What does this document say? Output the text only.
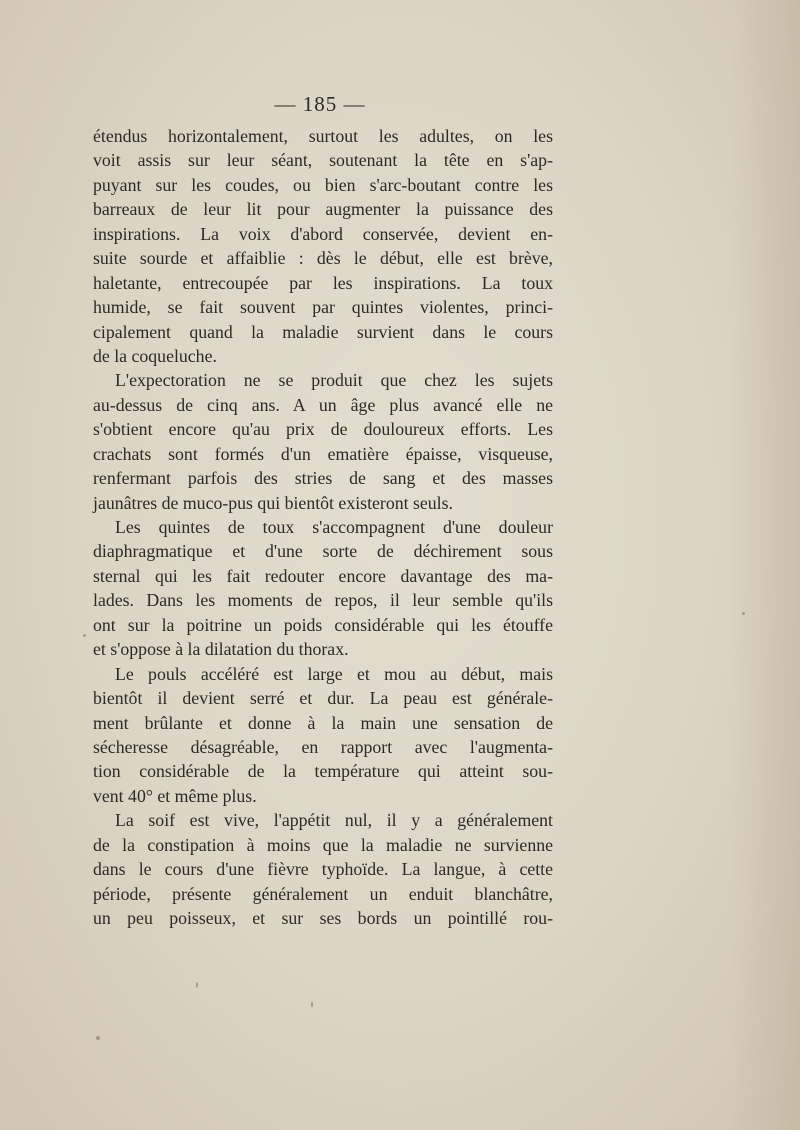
— 185 —
étendus horizontalement, surtout les adultes, on les
voit assis sur leur séant, soutenant la tête en s'ap-
puyant sur les coudes, ou bien s'arc-boutant contre les
barreaux de leur lit pour augmenter la puissance des
inspirations. La voix d'abord conservée, devient en-
suite sourde et affaiblie : dès le début, elle est brève,
haletante, entrecoupée par les inspirations. La toux
humide, se fait souvent par quintes violentes, princi-
cipalement quand la maladie survient dans le cours
de la coqueluche.
L'expectoration ne se produit que chez les sujets
au-dessus de cinq ans. A un âge plus avancé elle ne
s'obtient encore qu'au prix de douloureux efforts. Les
crachats sont formés d'un ematière épaisse, visqueuse,
renfermant parfois des stries de sang et des masses
jaunâtres de muco-pus qui bientôt existeront seuls.
Les quintes de toux s'accompagnent d'une douleur
diaphragmatique et d'une sorte de déchirement sous
sternal qui les fait redouter encore davantage des ma-
lades. Dans les moments de repos, il leur semble qu'ils
ont sur la poitrine un poids considérable qui les étouffe
et s'oppose à la dilatation du thorax.
Le pouls accéléré est large et mou au début, mais
bientôt il devient serré et dur. La peau est générale-
ment brûlante et donne à la main une sensation de
sécheresse désagréable, en rapport avec l'augmenta-
tion considérable de la température qui atteint sou-
vent 40° et même plus.
La soif est vive, l'appétit nul, il y a généralement
de la constipation à moins que la maladie ne survienne
dans le cours d'une fièvre typhoïde. La langue, à cette
période, présente généralement un enduit blanchâtre,
un peu poisseux, et sur ses bords un pointillé rou-
